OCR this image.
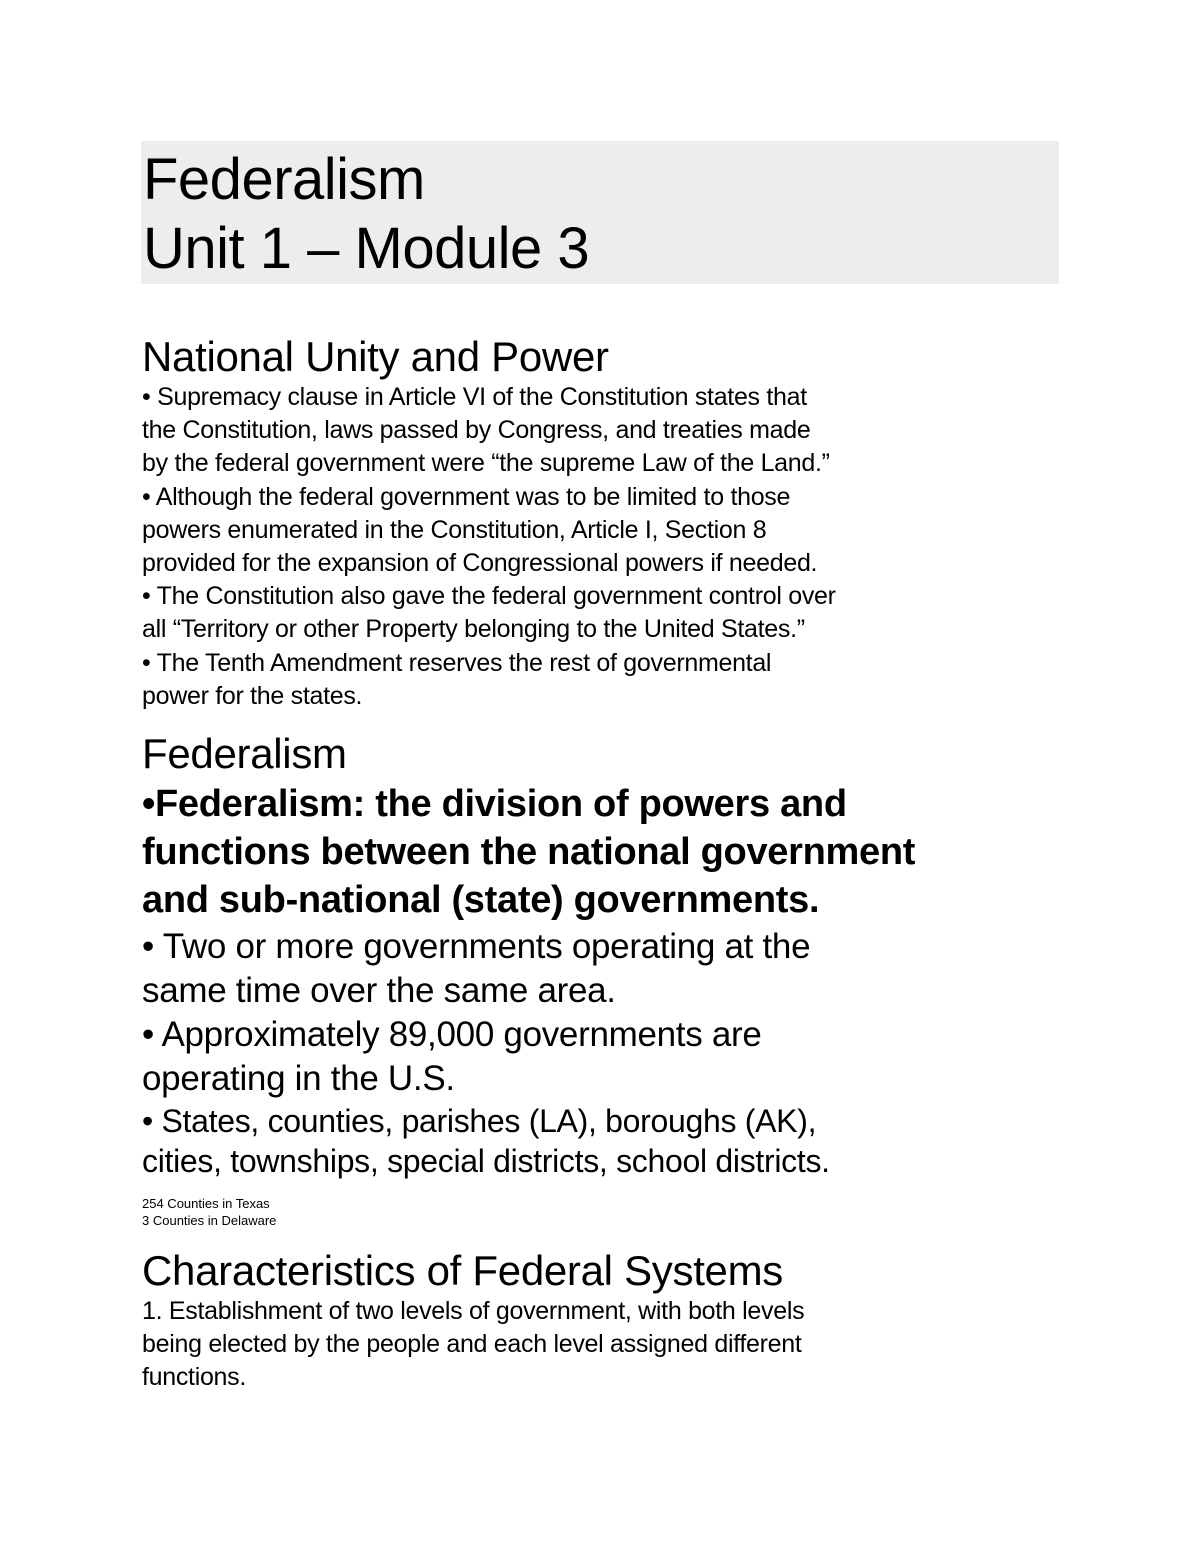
Federalism
Unit 1 – Module 3
National Unity and Power
• Supremacy clause in Article VI of the Constitution states that
the Constitution, laws passed by Congress, and treaties made
by the federal government were “the supreme Law of the Land.”
• Although the federal government was to be limited to those
powers enumerated in the Constitution, Article I, Section 8
provided for the expansion of Congressional powers if needed.
• The Constitution also gave the federal government control over
all “Territory or other Property belonging to the United States.”
• The Tenth Amendment reserves the rest of governmental
power for the states.
Federalism
•Federalism: the division of powers and
functions between the national government
and sub-national (state) governments.
• Two or more governments operating at the
same time over the same area.
• Approximately 89,000 governments are
operating in the U.S.
• States, counties, parishes (LA), boroughs (AK),
cities, townships, special districts, school districts.
254 Counties in Texas
3 Counties in Delaware
Characteristics of Federal Systems
1. Establishment of two levels of government, with both levels
being elected by the people and each level assigned different
functions.
